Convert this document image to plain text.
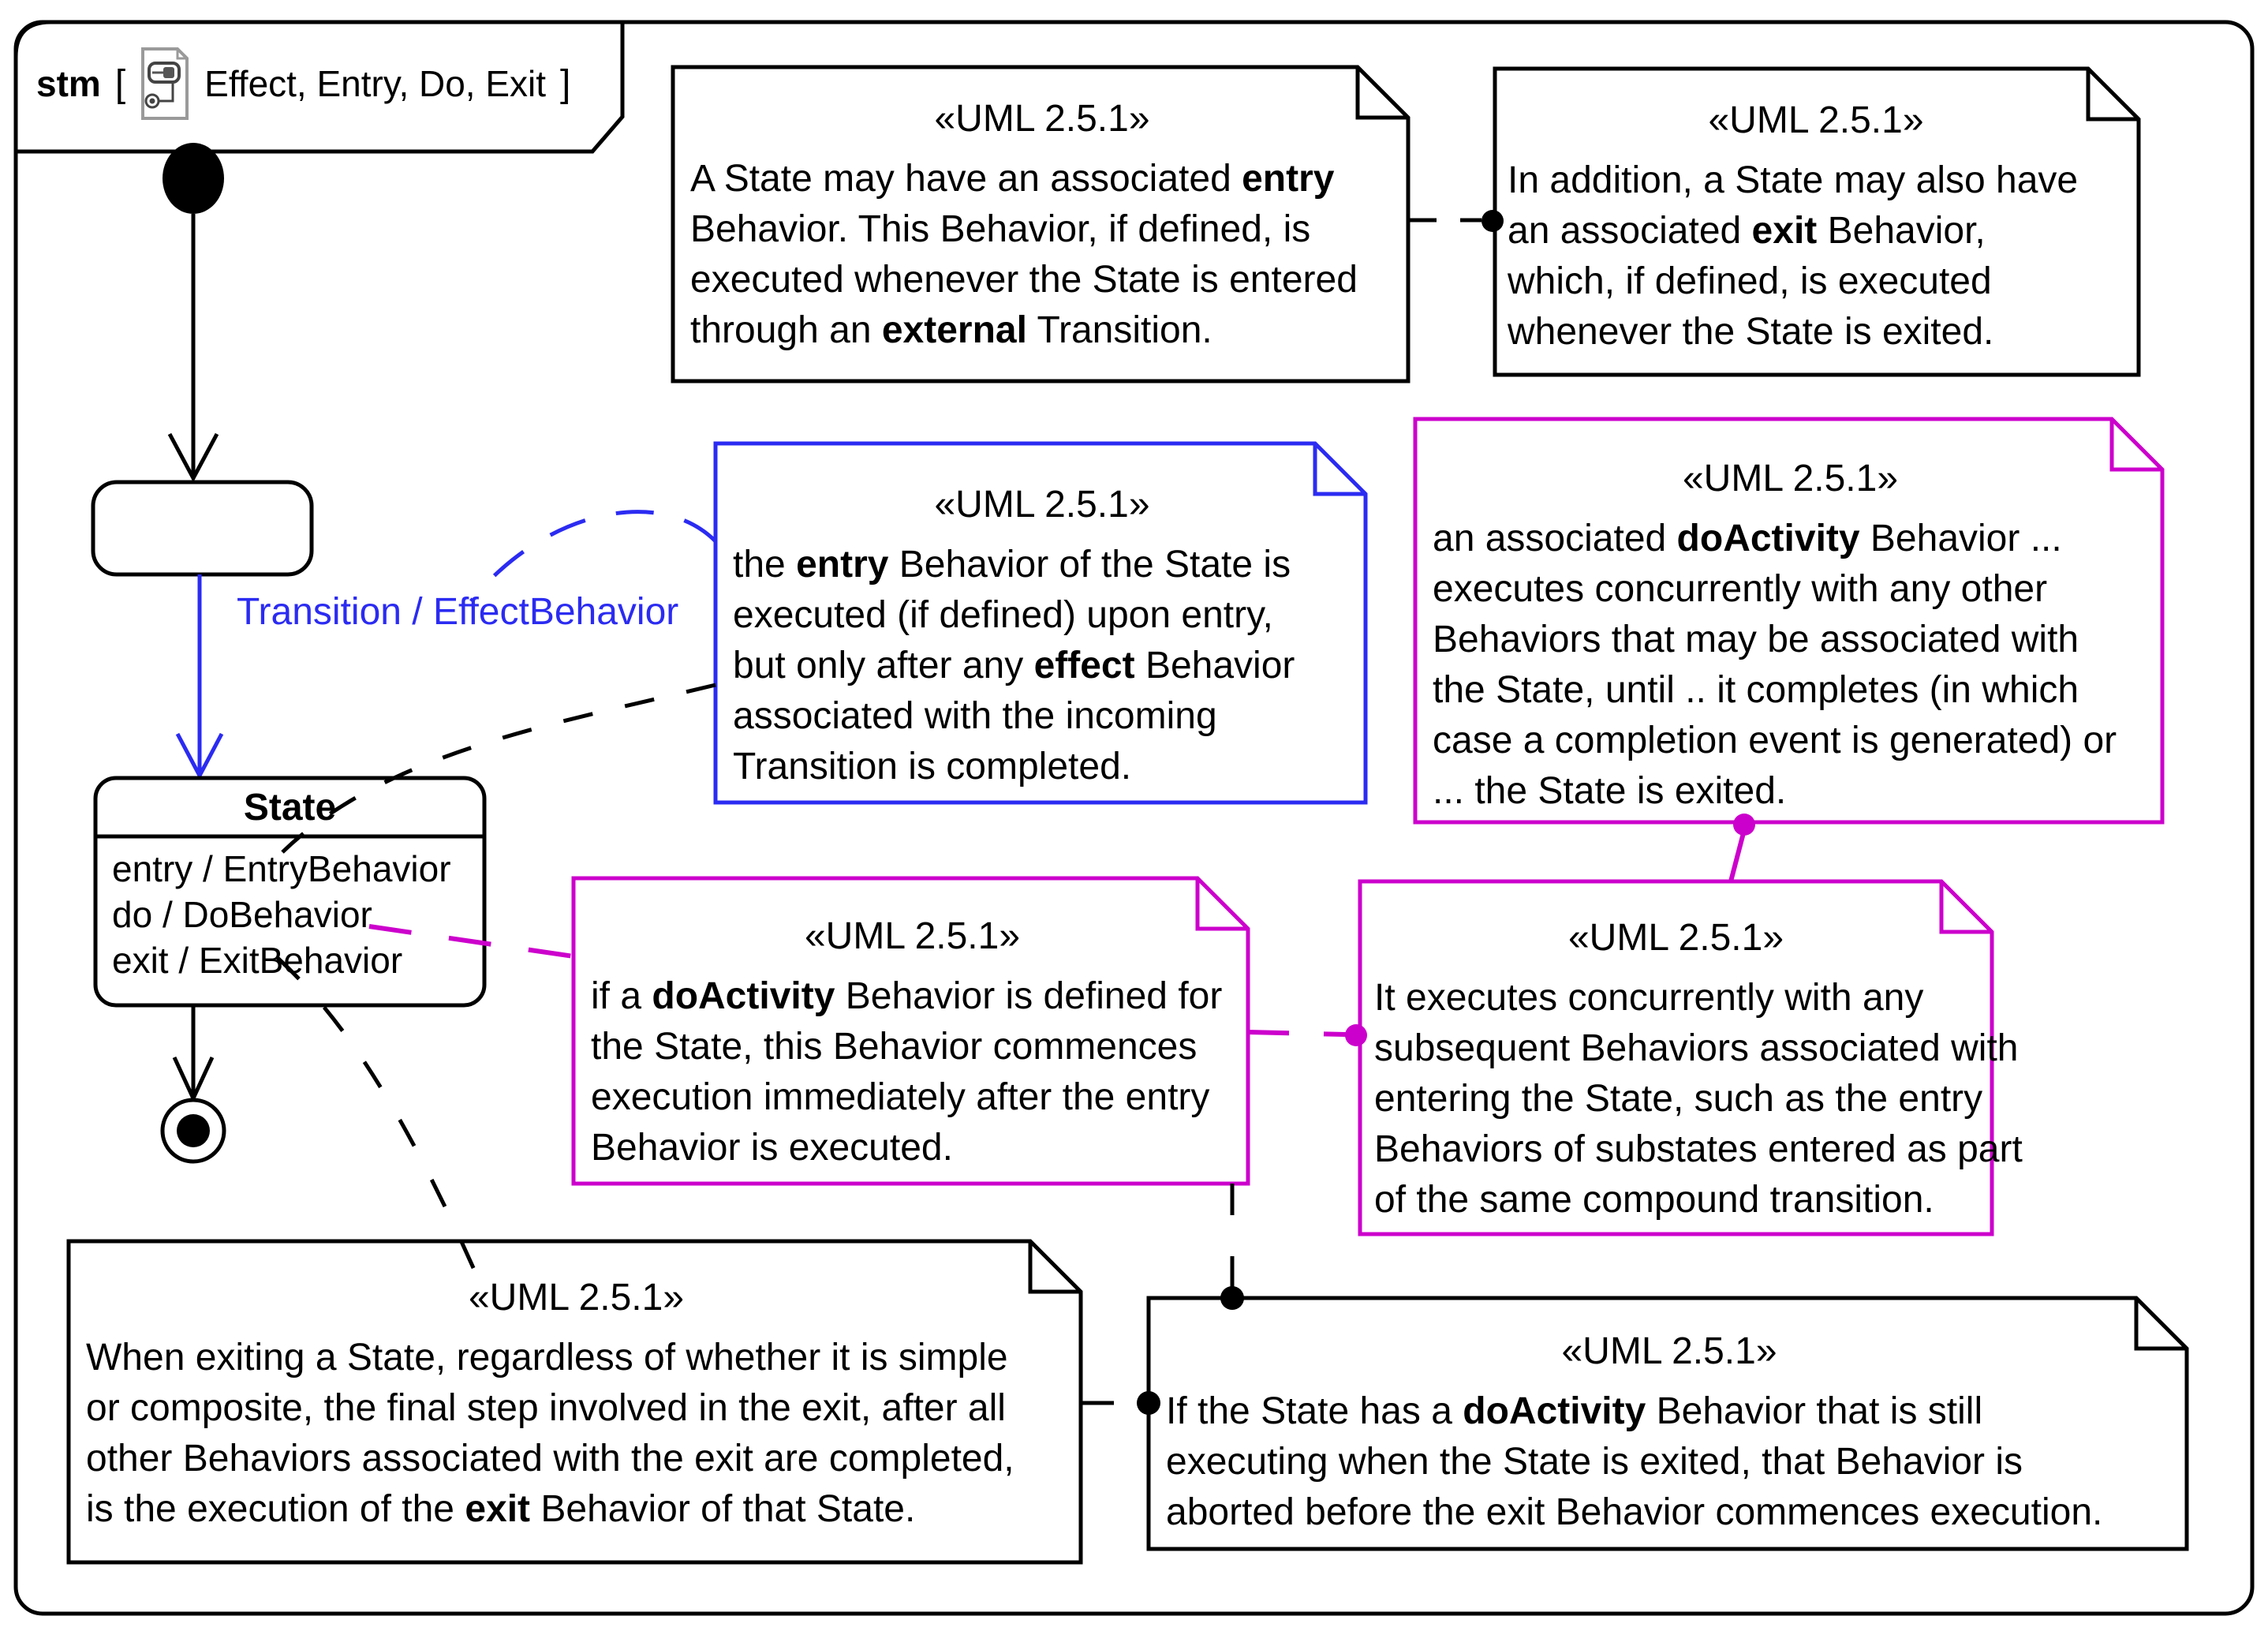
stm [ Effect, Entry, Do, Exit ]
Transition / EffectBehavior
State
entry / EntryBehavior
do / DoBehavior
exit / ExitBehavior
«UML 2.5.1»
A State may have an associated entry
Behavior. This Behavior, if defined, is
executed whenever the State is entered
through an external Transition.
«UML 2.5.1»
In addition, a State may also have
an associated exit Behavior,
which, if defined, is executed
whenever the State is exited.
«UML 2.5.1»
the entry Behavior of the State is
executed (if defined) upon entry,
but only after any effect Behavior
associated with the incoming
Transition is completed.
«UML 2.5.1»
an associated doActivity Behavior ...
executes concurrently with any other
Behaviors that may be associated with
the State, until .. it completes (in which
case a completion event is generated) or
... the State is exited.
«UML 2.5.1»
if a doActivity Behavior is defined for
the State, this Behavior commences
execution immediately after the entry
Behavior is executed.
«UML 2.5.1»
It executes concurrently with any
subsequent Behaviors associated with
entering the State, such as the entry
Behaviors of substates entered as part
of the same compound transition.
«UML 2.5.1»
When exiting a State, regardless of whether it is simple
or composite, the final step involved in the exit, after all
other Behaviors associated with the exit are completed,
is the execution of the exit Behavior of that State.
«UML 2.5.1»
If the State has a doActivity Behavior that is still
executing when the State is exited, that Behavior is
aborted before the exit Behavior commences execution.
